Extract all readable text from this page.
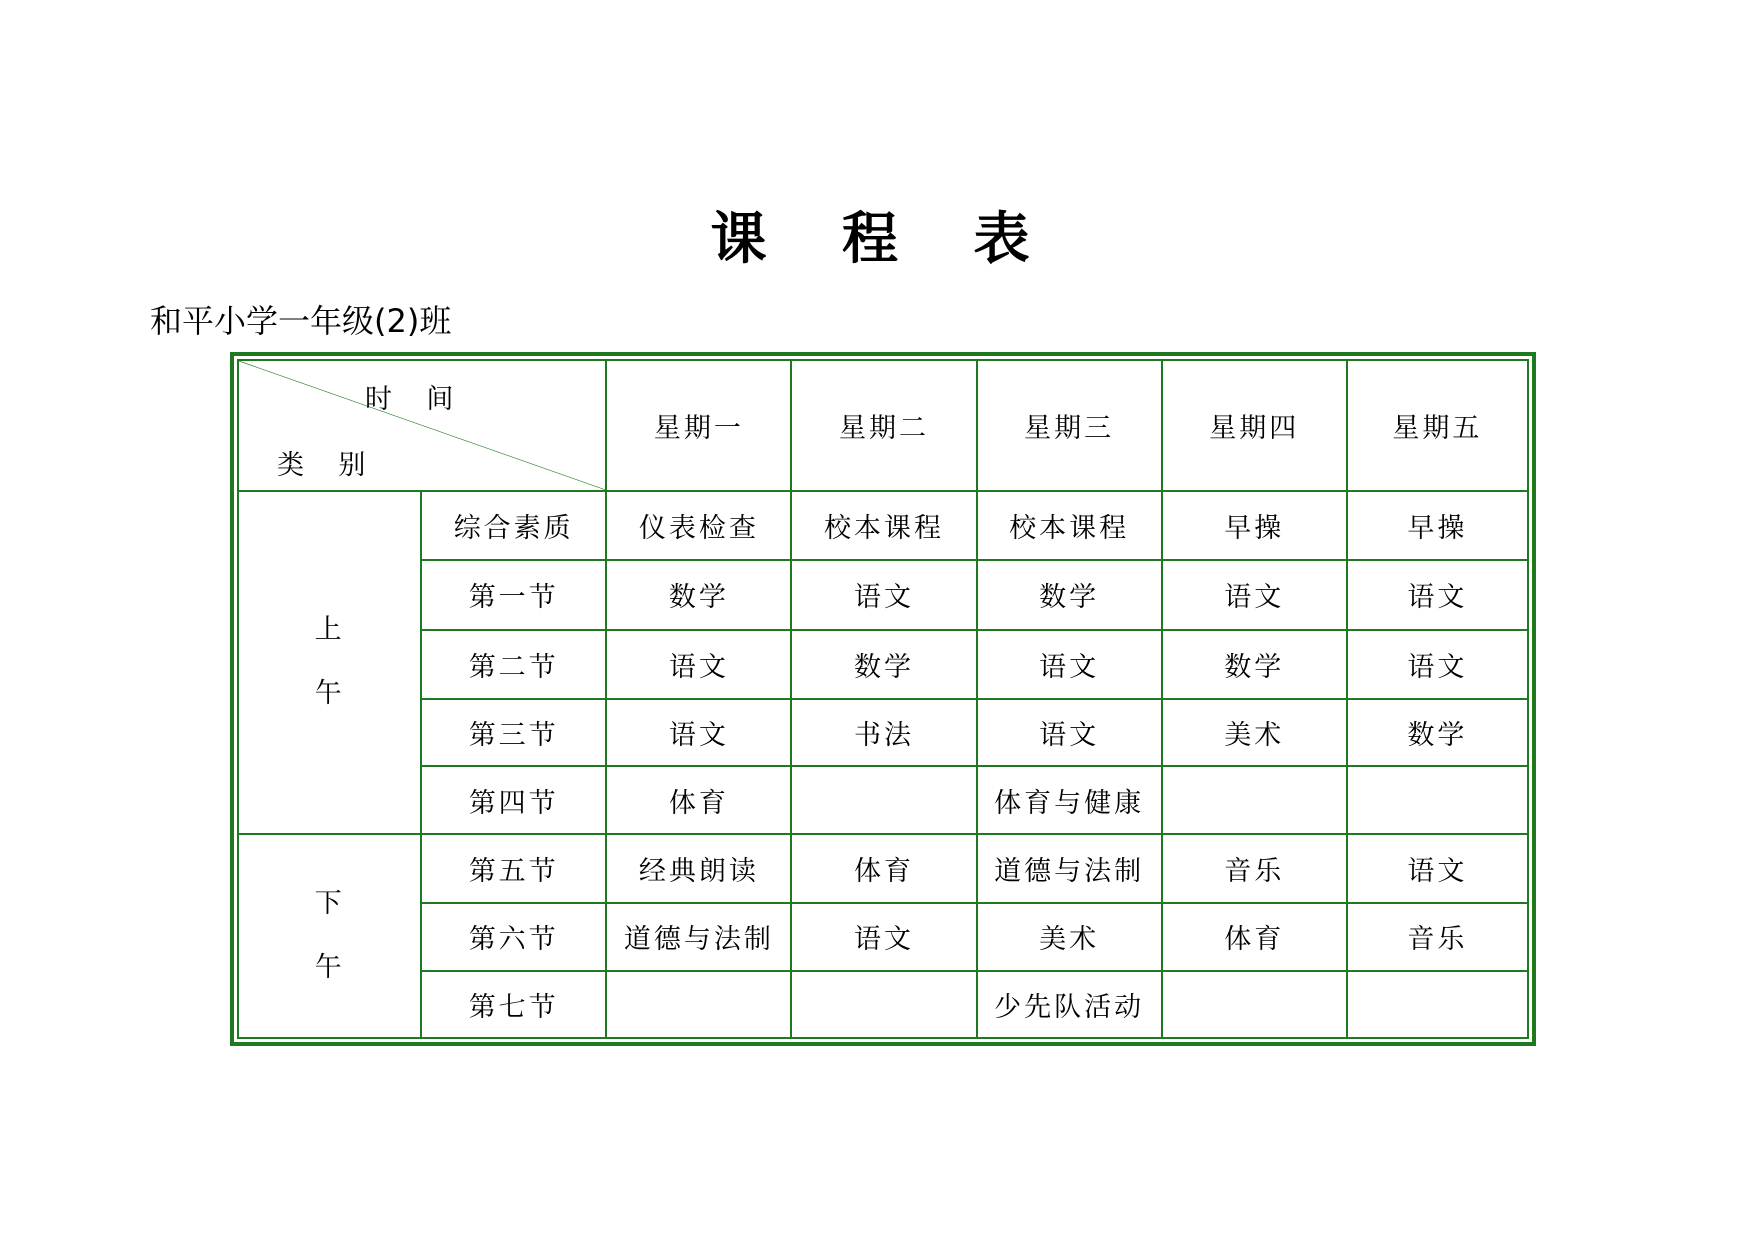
课 程 表
和平小学一年级(2)班
时    间
类    别		星期一	星期二	星期三	星期四	星期五

上
午	综合素质	仪表检查	校本课程	校本课程	早操	早操
	第一节	数学	语文	数学	语文	语文
	第二节	语文	数学	语文	数学	语文
	第三节	语文	书法	语文	美术	数学
	第四节	体育		体育与健康		

下
午	第五节	经典朗读	体育	道德与法制	音乐	语文
	第六节	道德与法制	语文	美术	体育	音乐
	第七节			少先队活动		
